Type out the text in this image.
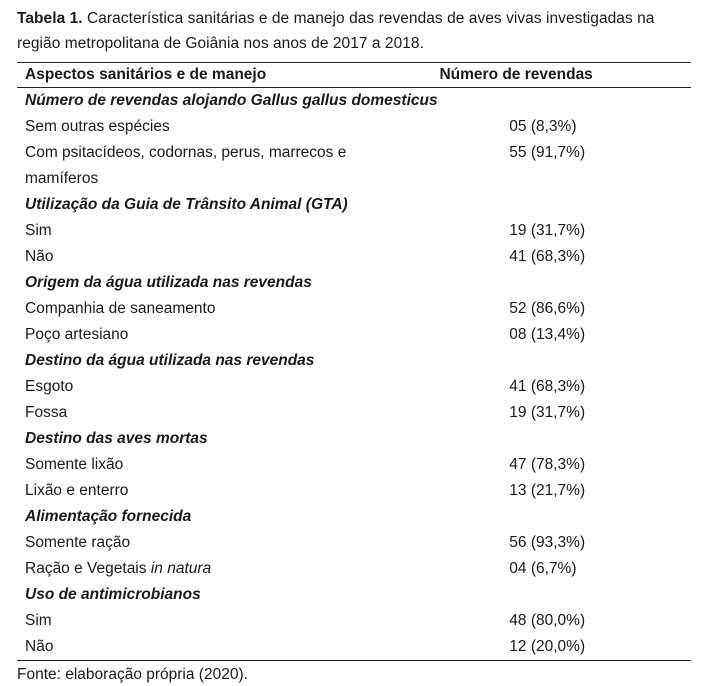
Tabela 1. Característica sanitárias e de manejo das revendas de aves vivas investigadas na região metropolitana de Goiânia nos anos de 2017 a 2018.

Aspectos sanitários e de manejo	Número de revendas
Número de revendas alojando Gallus gallus domesticus	
Sem outras espécies	05 (8,3%)
Com psitacídeos, codornas, perus, marrecos e mamíferos	55 (91,7%)
Utilização da Guia de Trânsito Animal (GTA)	
Sim	19 (31,7%)
Não	41 (68,3%)
Origem da água utilizada nas revendas	
Companhia de saneamento	52 (86,6%)
Poço artesiano	08 (13,4%)
Destino da água utilizada nas revendas	
Esgoto	41 (68,3%)
Fossa	19 (31,7%)
Destino das aves mortas	
Somente lixão	47 (78,3%)
Lixão e enterro	13 (21,7%)
Alimentação fornecida	
Somente ração	56 (93,3%)
Ração e Vegetais in natura	04 (6,7%)
Uso de antimicrobianos	
Sim	48 (80,0%)
Não	12 (20,0%)
Fonte: elaboração própria (2020).
